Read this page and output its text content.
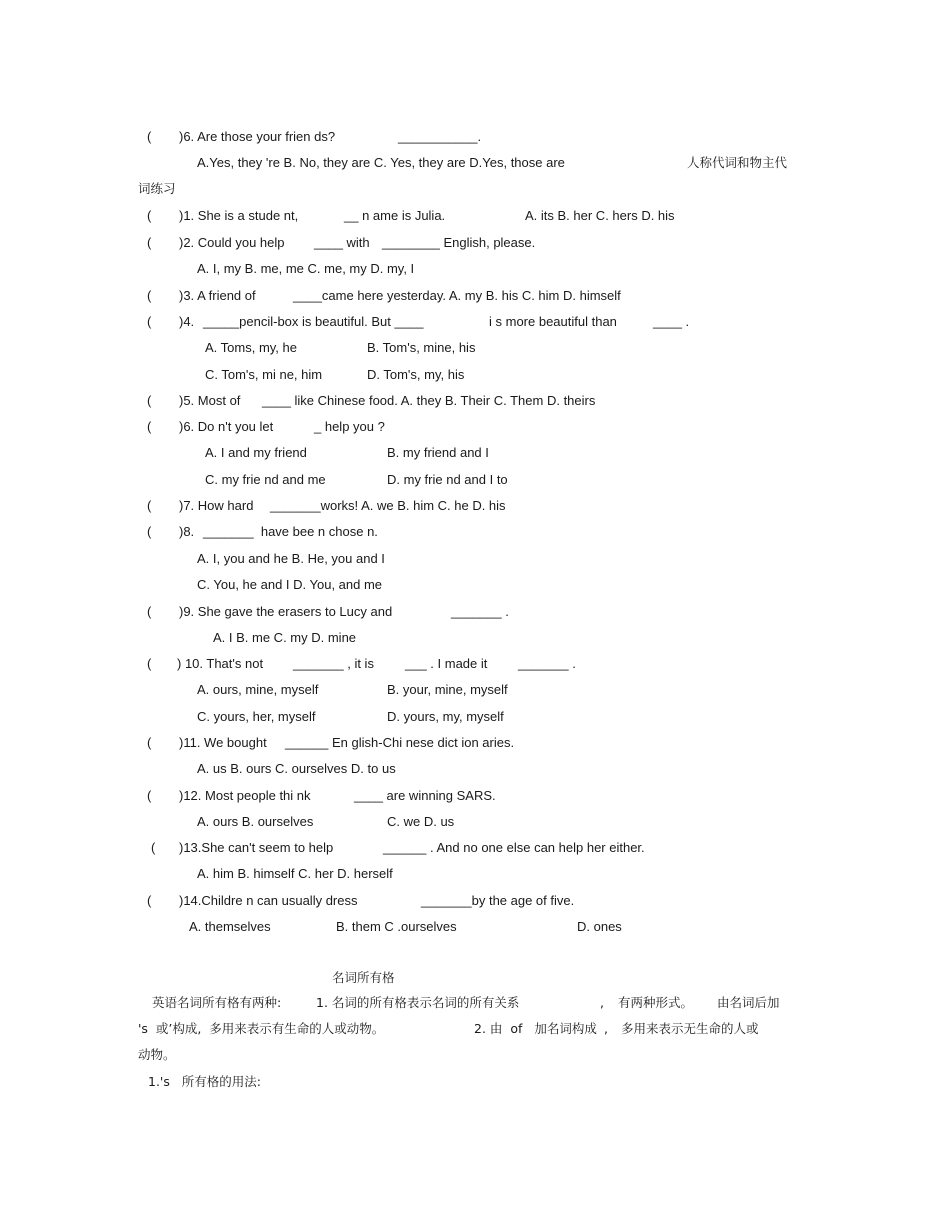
( )6. Are those your frien ds?	___________.
A.Yes, they 're B. No, they are C. Yes, they are D.Yes, those are	人称代词和物主代
词练习
( )1. She is a stude nt,	__ n ame is Julia.	A. its B. her C. hers D. his
( )2. Could you help ____ with ________ English, please.
A. I, my B. me, me C. me, my D. my, I
( )3. A friend of	____came here yesterday. A. my B. his C. him D. himself
( )4. _____pencil-box is beautiful. But ____	i s more beautiful than	____ .
A. Toms, my, he	B. Tom's, mine, his
C. Tom's, mi ne, him	D. Tom's, my, his
( )5. Most of ____ like Chinese food. A. they B. Their C. Them D. theirs
( )6. Do n't you let	_ help you ?
A. I and my friend	B. my friend and I
C. my frie nd and me	D. my frie nd and I to
( )7. How hard _______works! A. we B. him C. he D. his
( )8. _______  have bee n chose n.
A. I, you and he B. He, you and I
C. You, he and I D. You, and me
( )9. She gave the erasers to Lucy and	_______ .
A. I B. me C. my D. mine
( ) 10. That's not _______ , it is ___ . I made it _______ .
A. ours, mine, myself	B. your, mine, myself
C. yours, her, myself	D. yours, my, myself
( )11. We bought ______ En glish-Chi nese dict ion aries.
A. us B. ours C. ourselves D. to us
( )12. Most people thi nk	____ are winning SARS.
A. ours B. ourselves	C. we D. us
( )13.She can't seem to help	______ . And no one else can help her either.
A. him B. himself C. her D. herself
( )14.Childre n can usually dress	_______by the age of five.
A. themselves	B. them C .ourselves	D. ones
名词所有格
英语名词所有格有两种:	1. 名词的所有格表示名词的所有关系	, 有两种形式。 由名词后加
's  或’构成,  多用来表示有生命的人或动物。	2. 由  of   加名词构成 , 多用来表示无生命的人或
动物。
1.'s   所有格的用法:
